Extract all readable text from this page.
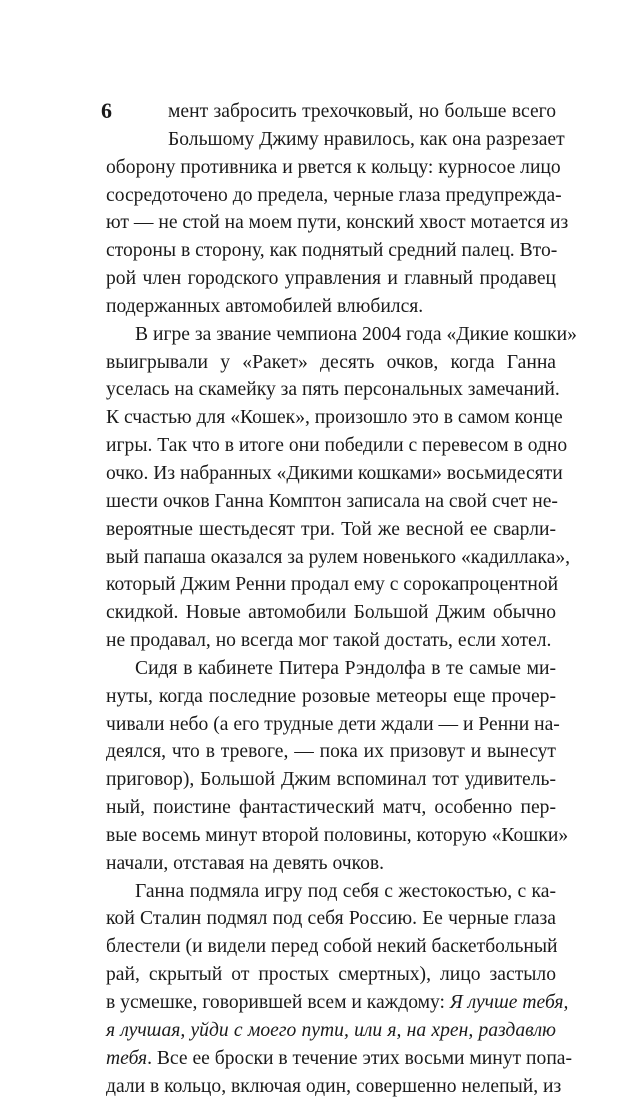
6	мент забросить трехочковый, но больше всего
Большому Джиму нравилось, как она разрезает
оборону противника и рвется к кольцу: курносое лицо
сосредоточено до предела, черные глаза предупрежда-
ют — не стой на моем пути, конский хвост мотается из
стороны в сторону, как поднятый средний палец. Вто-
рой член городского управления и главный продавец
подержанных автомобилей влюбился.
В игре за звание чемпиона 2004 года «Дикие кошки»
выигрывали у «Ракет» десять очков, когда Ганна
уселась на скамейку за пять персональных замечаний.
К счастью для «Кошек», произошло это в самом конце
игры. Так что в итоге они победили с перевесом в одно
очко. Из набранных «Дикими кошками» восьмидесяти
шести очков Ганна Комптон записала на свой счет не-
вероятные шестьдесят три. Той же весной ее сварли-
вый папаша оказался за рулем новенького «кадиллака»,
который Джим Ренни продал ему с сорокапроцентной
скидкой. Новые автомобили Большой Джим обычно
не продавал, но всегда мог такой достать, если хотел.
Сидя в кабинете Питера Рэндолфа в те самые ми-
нуты, когда последние розовые метеоры еще прочер-
чивали небо (а его трудные дети ждали — и Ренни на-
деялся, что в тревоге, — пока их призовут и вынесут
приговор), Большой Джим вспоминал тот удивитель-
ный, поистине фантастический матч, особенно пер-
вые восемь минут второй половины, которую «Кошки»
начали, отставая на девять очков.
Ганна подмяла игру под себя с жестокостью, с ка-
кой Сталин подмял под себя Россию. Ее черные глаза
блестели (и видели перед собой некий баскетбольный
рай, скрытый от простых смертных), лицо застыло
в усмешке, говорившей всем и каждому: Я лучше тебя,
я лучшая, уйди с моего пути, или я, на хрен, раздавлю
тебя. Все ее броски в течение этих восьми минут попа-
дали в кольцо, включая один, совершенно нелепый, из
